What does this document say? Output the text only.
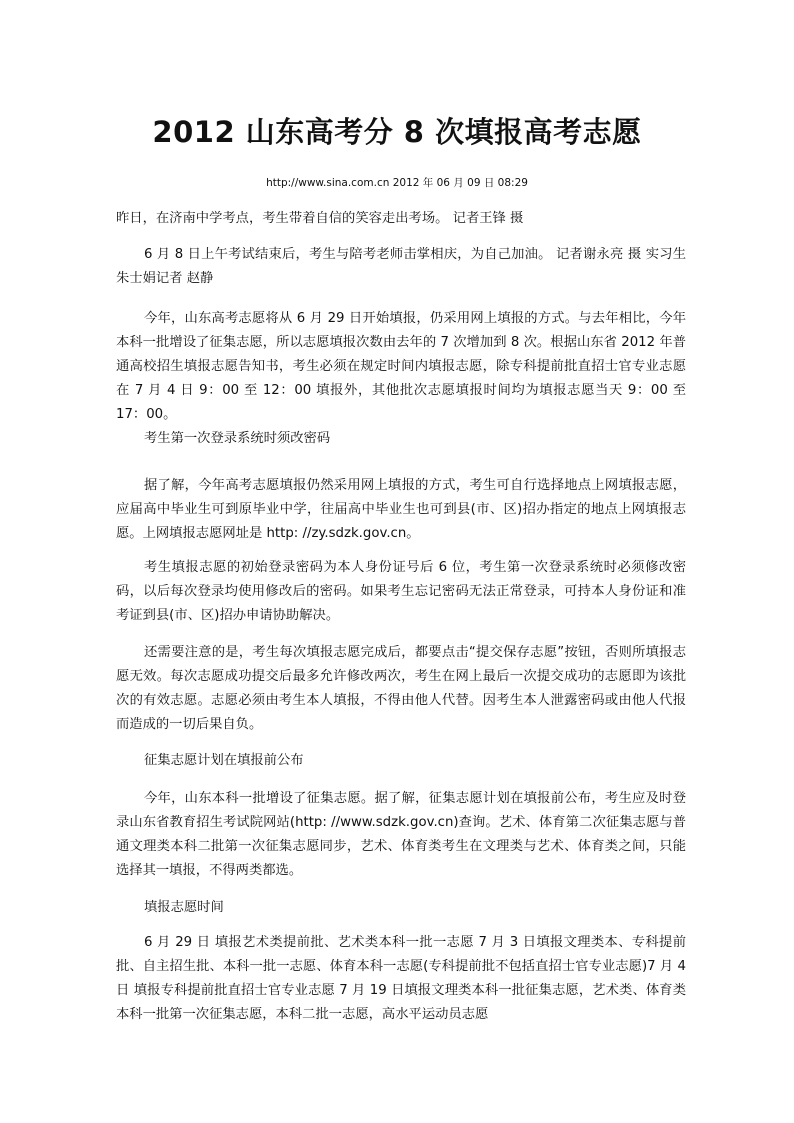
2012 山东高考分 8 次填报高考志愿
http://www.sina.com.cn 2012 年 06 月 09 日 08:29

昨日，在济南中学考点，考生带着自信的笑容走出考场。 记者王锋 摄

6 月 8 日上午考试结束后，考生与陪考老师击掌相庆，为自己加油。 记者谢永亮 摄 实习生 朱士娟记者 赵静

今年，山东高考志愿将从 6 月 29 日开始填报，仍采用网上填报的方式。与去年相比，今年本科一批增设了征集志愿，所以志愿填报次数由去年的 7 次增加到 8 次。根据山东省 2012 年普通高校招生填报志愿告知书，考生必须在规定时间内填报志愿，除专科提前批直招士官专业志愿在 7 月 4 日 9：00 至 12：00 填报外，其他批次志愿填报时间均为填报志愿当天 9：00 至 17：00。

考生第一次登录系统时须改密码

据了解，今年高考志愿填报仍然采用网上填报的方式，考生可自行选择地点上网填报志愿，应届高中毕业生可到原毕业中学，往届高中毕业生也可到县(市、区)招办指定的地点上网填报志愿。上网填报志愿网址是 http: //zy.sdzk.gov.cn。

考生填报志愿的初始登录密码为本人身份证号后 6 位，考生第一次登录系统时必须修改密码，以后每次登录均使用修改后的密码。如果考生忘记密码无法正常登录，可持本人身份证和准考证到县(市、区)招办申请协助解决。

还需要注意的是，考生每次填报志愿完成后，都要点击“提交保存志愿”按钮，否则所填报志愿无效。每次志愿成功提交后最多允许修改两次，考生在网上最后一次提交成功的志愿即为该批次的有效志愿。志愿必须由考生本人填报，不得由他人代替。因考生本人泄露密码或由他人代报而造成的一切后果自负。

征集志愿计划在填报前公布

今年，山东本科一批增设了征集志愿。据了解，征集志愿计划在填报前公布，考生应及时登录山东省教育招生考试院网站(http: //www.sdzk.gov.cn)查询。艺术、体育第二次征集志愿与普通文理类本科二批第一次征集志愿同步，艺术、体育类考生在文理类与艺术、体育类之间，只能选择其一填报，不得两类都选。

填报志愿时间

6 月 29 日 填报艺术类提前批、艺术类本科一批一志愿 7 月 3 日填报文理类本、专科提前批、自主招生批、本科一批一志愿、体育本科一志愿(专科提前批不包括直招士官专业志愿)7 月 4 日 填报专科提前批直招士官专业志愿 7 月 19 日填报文理类本科一批征集志愿，艺术类、体育类本科一批第一次征集志愿，本科二批一志愿，高水平运动员志愿
